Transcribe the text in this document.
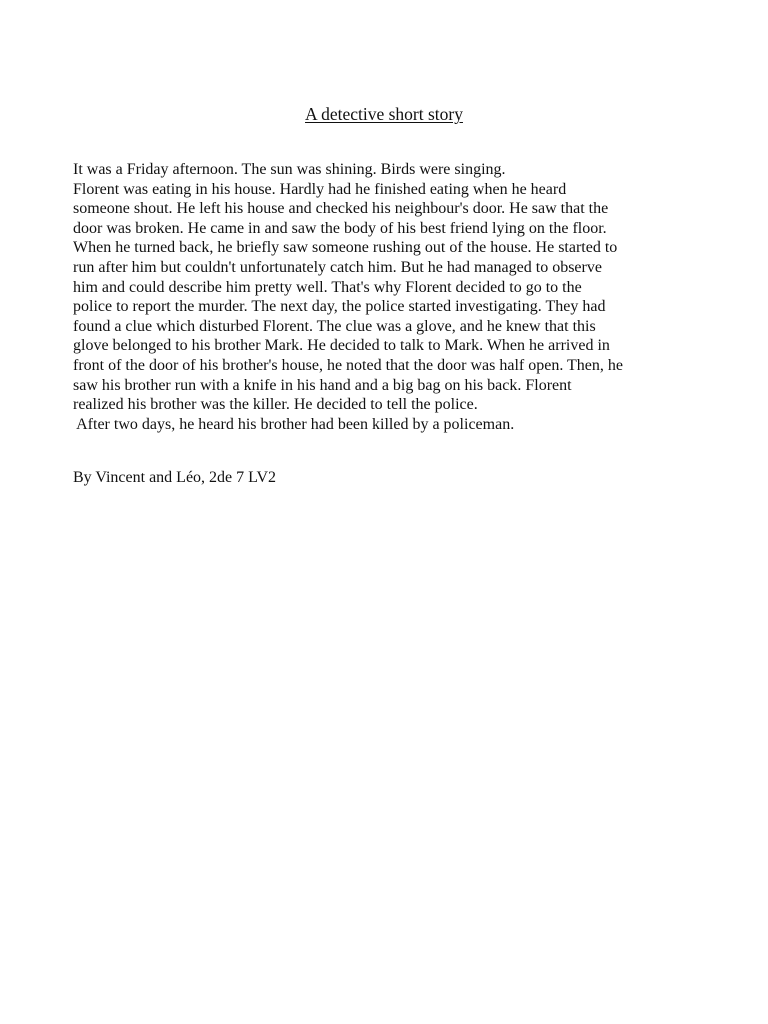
A detective short story
It was a Friday afternoon. The sun was shining. Birds were singing.
Florent was eating in his house. Hardly had he finished eating when he heard
someone shout. He left his house and checked his neighbour's door. He saw that the
door was broken. He came in and saw the body of his best friend lying on the floor.
When he turned back, he briefly saw someone rushing out of the house. He started to
run after him but couldn't unfortunately catch him. But he had managed to observe
him and could describe him pretty well. That's why Florent decided to go to the
police to report the murder. The next day, the police started investigating. They had
found a clue which disturbed Florent. The clue was a glove, and he knew that this
glove belonged to his brother Mark. He decided to talk to Mark. When he arrived in
front of the door of his brother's house, he noted that the door was half open. Then, he
saw his brother run with a knife in his hand and a big bag on his back. Florent
realized his brother was the killer. He decided to tell the police.
After two days, he heard his brother had been killed by a policeman.
By Vincent and Léo, 2de 7 LV2
